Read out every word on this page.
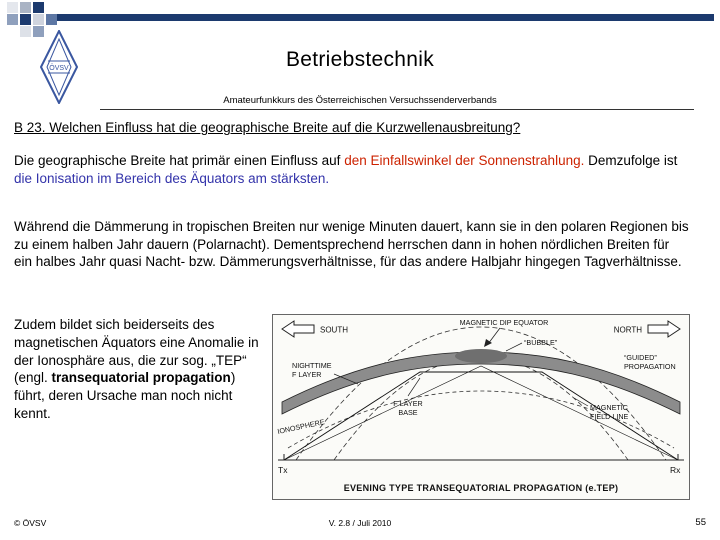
ÖVSV	Betriebstechnik
Amateurfunkkurs des Österreichischen Versuchssenderverbands
B 23. Welchen Einfluss hat die geographische Breite auf die Kurzwellenausbreitung?
Die geographische Breite hat primär einen Einfluss auf den Einfallswinkel der Sonnenstrahlung. Demzufolge ist die Ionisation im Bereich des Äquators am stärksten.
Während die Dämmerung in tropischen Breiten nur wenige Minuten dauert, kann sie in den polaren Regionen bis zu einem halben Jahr dauern (Polarnacht). Dementsprechend herrschen dann in hohen nördlichen Breiten für ein halbes Jahr quasi Nacht- bzw. Dämmerungsverhältnisse, für das andere Halbjahr hingegen Tagverhältnisse.
Zudem bildet sich beiderseits des magnetischen Äquators eine Anomalie in der Ionosphäre aus, die zur sog. „TEP“ (engl. transequatorial propagation) führt, deren Ursache man noch nicht kennt.
SOUTH	NORTH
MAGNETIC DIP EQUATOR
“BUBBLE”
NIGHTTIME
F LAYER
F LAYER
BASE
IONOSPHERE
MAGNETIC
FIELD LINE
“GUIDED”
PROPAGATION
Tx	Rx
EVENING TYPE TRANSEQUATORIAL PROPAGATION (e.TEP)
© ÖVSV	V. 2.8 / Juli 2010	55
